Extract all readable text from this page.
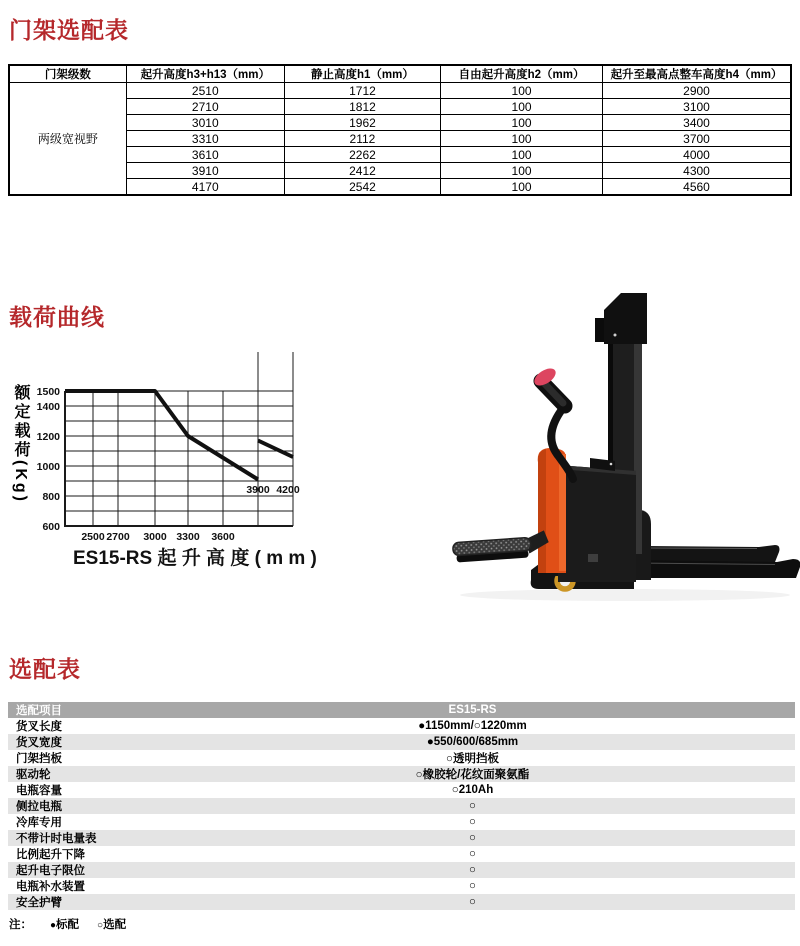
门架选配表
门架级数	起升高度h3+h13（mm）	静止高度h1（mm）	自由起升高度h2（mm）	起升至最高点整车高度h4（mm）
两级宽视野	2510	1712	100	2900
	2710	1812	100	3100
	3010	1962	100	3400
	3310	2112	100	3700
	3610	2262	100	4000
	3910	2412	100	4300
	4170	2542	100	4560
载荷曲线
额定载荷(Kg) 1500
1400
1200
1000
800
600
2500 2700 3000 3300 3600
3900 4200
ES15-RS 起 升 高 度 ( m m )
选配表
选配项目	ES15-RS
货叉长度	●1150mm/○1220mm
货叉宽度	●550/600/685mm
门架挡板	○透明挡板
驱动轮	○橡胶轮/花纹面聚氨酯
电瓶容量	○210Ah
侧拉电瓶	○
冷库专用	○
不带计时电量表	○
比例起升下降	○
起升电子限位	○
电瓶补水装置	○
安全护臂	○
注： ●标配 ○选配
